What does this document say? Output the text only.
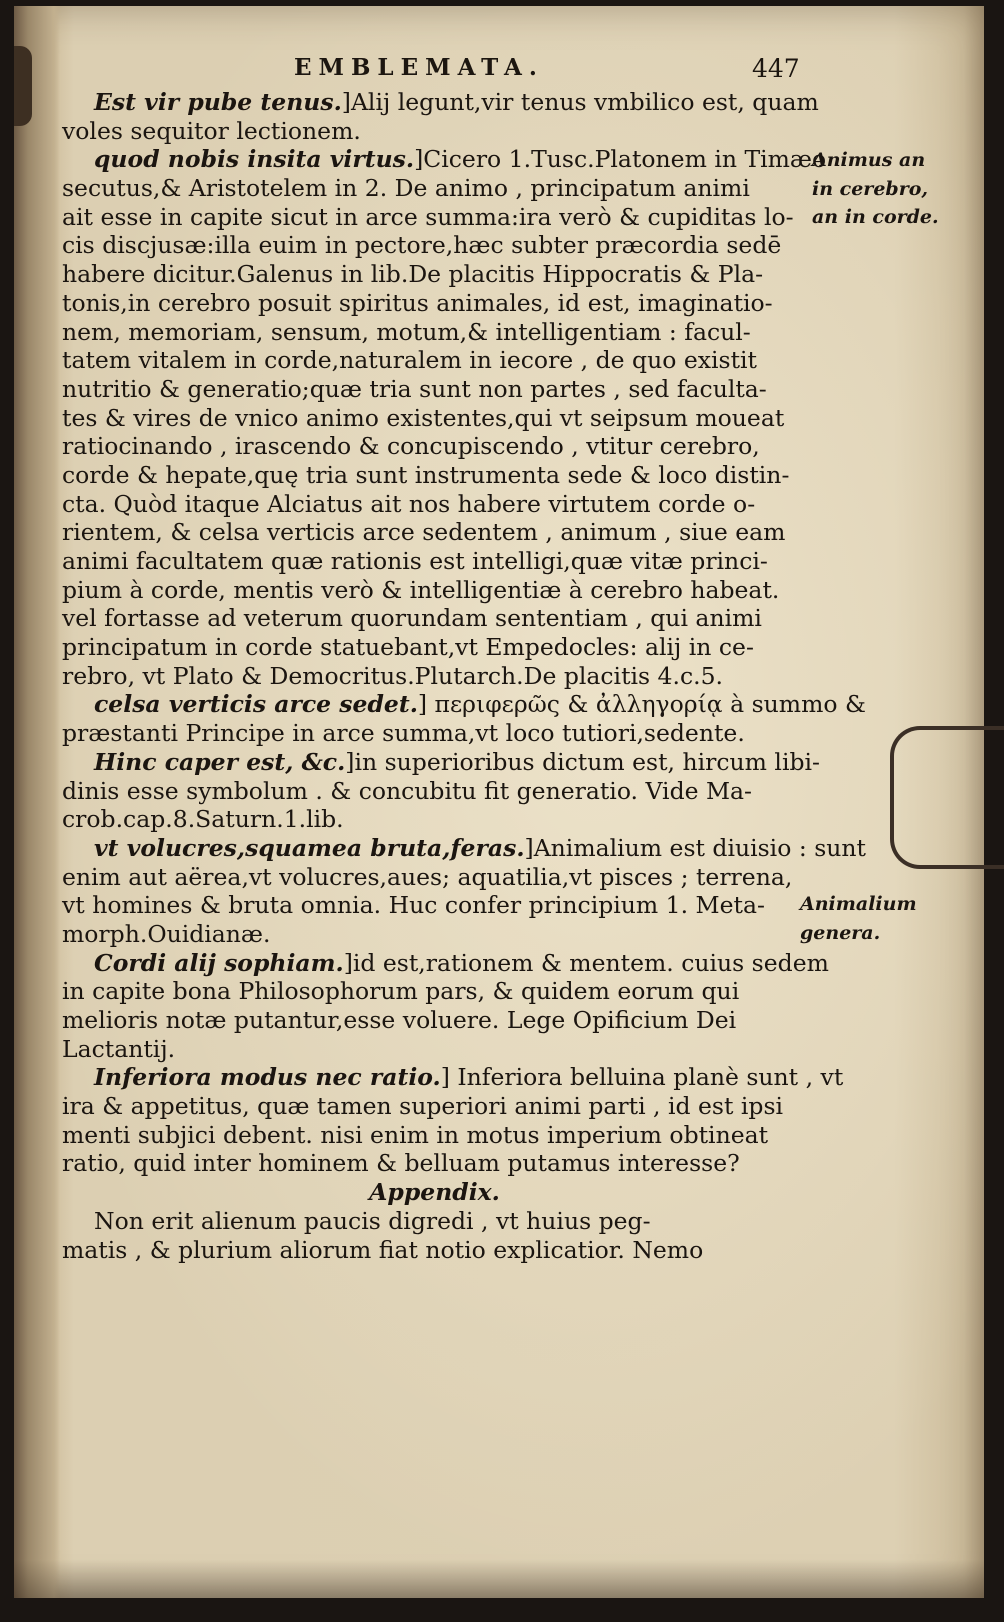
EMBLEMATA.	447
Est vir pube tenus.]Alij legunt,vir tenus vmbilico est, quam
voles sequitor lectionem.
quod nobis insita virtus.]Cicero 1.Tusc.Platonem in Timæo
secutus,& Aristotelem in 2. De animo , principatum animi
ait esse in capite sicut in arce summa:ira verò & cupiditas lo-
cis discjusæ:illa euim in pectore,hæc subter præcordia sedē
habere dicitur.Galenus in lib.De placitis Hippocratis & Pla-
tonis,in cerebro posuit spiritus animales, id est, imaginatio-
nem, memoriam, sensum, motum,& intelligentiam : facul-
tatem vitalem in corde,naturalem in iecore , de quo existit
nutritio & generatio;quæ tria sunt non partes , sed faculta-
tes & vires de vnico animo existentes,qui vt seipsum moueat
ratiocinando , irascendo & concupiscendo , vtitur cerebro,
corde & hepate,quę tria sunt instrumenta sede & loco distin-
cta. Quòd itaque Alciatus ait nos habere virtutem corde o-
rientem, & celsa verticis arce sedentem , animum , siue eam
animi facultatem quæ rationis est intelligi,quæ vitæ princi-
pium à corde, mentis verò & intelligentiæ à cerebro habeat.
vel fortasse ad veterum quorundam sententiam , qui animi
principatum in corde statuebant,vt Empedocles: alij in ce-
rebro, vt Plato & Democritus.Plutarch.De placitis 4.c.5.
celsa verticis arce sedet.] περιφερῶς & ἀλληγορίᾳ à summo &
præstanti Principe in arce summa,vt loco tutiori,sedente.
Hinc caper est, &c.]in superioribus dictum est, hircum libi-
dinis esse symbolum . & concubitu fit generatio. Vide Ma-
crob.cap.8.Saturn.1.lib.
vt volucres,squamea bruta,feras.]Animalium est diuisio : sunt
enim aut aërea,vt volucres,aues; aquatilia,vt pisces ; terrena,
vt homines & bruta omnia. Huc confer principium 1. Meta-
morph.Ouidianæ.
Cordi alij sophiam.]id est,rationem & mentem. cuius sedem
in capite bona Philosophorum pars, & quidem eorum qui
melioris notæ putantur,esse voluere. Lege Opificium Dei
Lactantij.
Inferiora modus nec ratio.] Inferiora belluina planè sunt , vt
ira & appetitus, quæ tamen superiori animi parti , id est ipsi
menti subjici debent. nisi enim in motus imperium obtineat
ratio, quid inter hominem & belluam putamus interesse?
Appendix.
Non erit alienum paucis digredi , vt huius peg-
matis , & plurium aliorum fiat notio explicatior. Nemo
Animus an
in cerebro,
an in corde.
Animalium
genera.
